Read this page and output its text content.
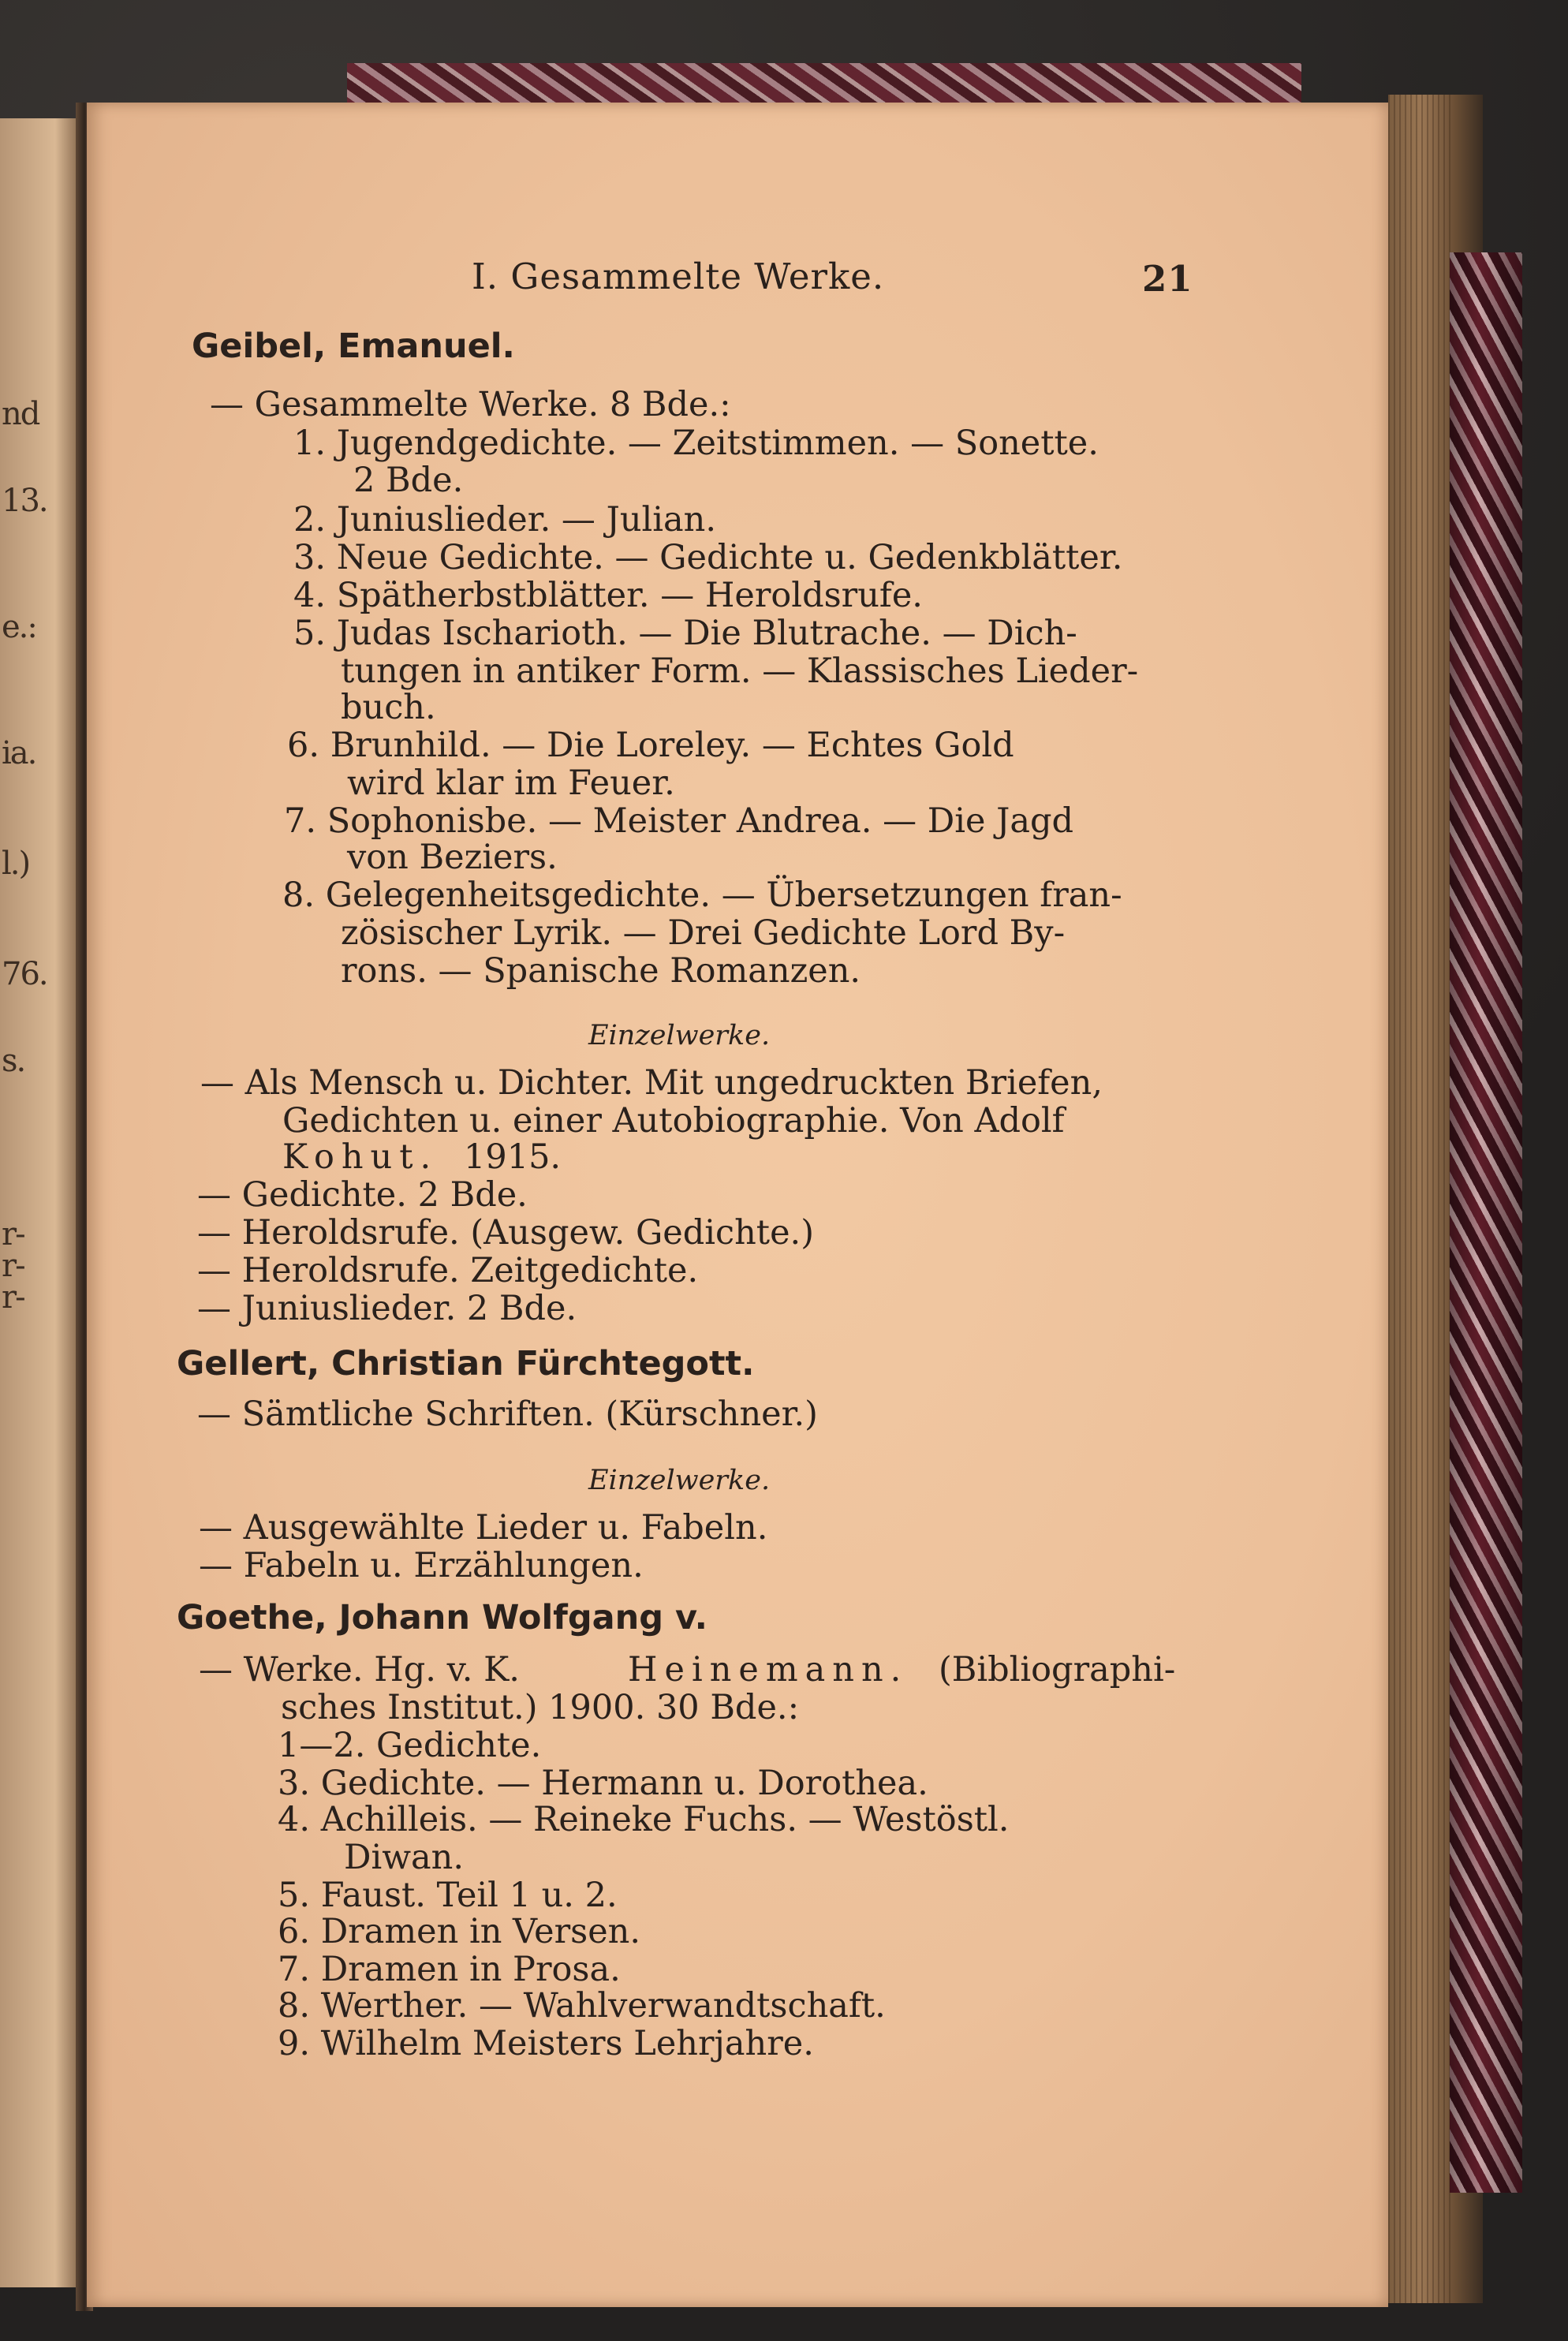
nd
13.
e.:
ia.
l.)
76.
s.
r-
r-
r-
I. Gesammelte Werke.	21
Geibel, Emanuel.
— Gesammelte Werke. 8 Bde.:
1. Jugendgedichte. — Zeitstimmen. — Sonette.
2 Bde.
2. Juniuslieder. — Julian.
3. Neue Gedichte. — Gedichte u. Gedenkblätter.
4. Spätherbstblätter. — Heroldsrufe.
5. Judas Ischarioth. — Die Blutrache. — Dich-
tungen in antiker Form. — Klassisches Lieder-
buch.
6. Brunhild. — Die Loreley. — Echtes Gold
wird klar im Feuer.
7. Sophonisbe. — Meister Andrea. — Die Jagd
von Beziers.
8. Gelegenheitsgedichte. — Übersetzungen fran-
zösischer Lyrik. — Drei Gedichte Lord By-
rons. — Spanische Romanzen.
Einzelwerke.
— Als Mensch u. Dichter. Mit ungedruckten Briefen,
Gedichten u. einer Autobiographie. Von Adolf
Kohut. 1915.
— Gedichte. 2 Bde.
— Heroldsrufe. (Ausgew. Gedichte.)
— Heroldsrufe. Zeitgedichte.
— Juniuslieder. 2 Bde.
Gellert, Christian Fürchtegott.
— Sämtliche Schriften. (Kürschner.)
Einzelwerke.
— Ausgewählte Lieder u. Fabeln.
— Fabeln u. Erzählungen.
Goethe, Johann Wolfgang v.
— Werke. Hg. v. K.	Heinemann. (Bibliographi-
sches Institut.) 1900. 30 Bde.:
1—2. Gedichte.
3. Gedichte. — Hermann u. Dorothea.
4. Achilleis. — Reineke Fuchs. — Westöstl.
Diwan.
5. Faust. Teil 1 u. 2.
6. Dramen in Versen.
7. Dramen in Prosa.
8. Werther. — Wahlverwandtschaft.
9. Wilhelm Meisters Lehrjahre.
